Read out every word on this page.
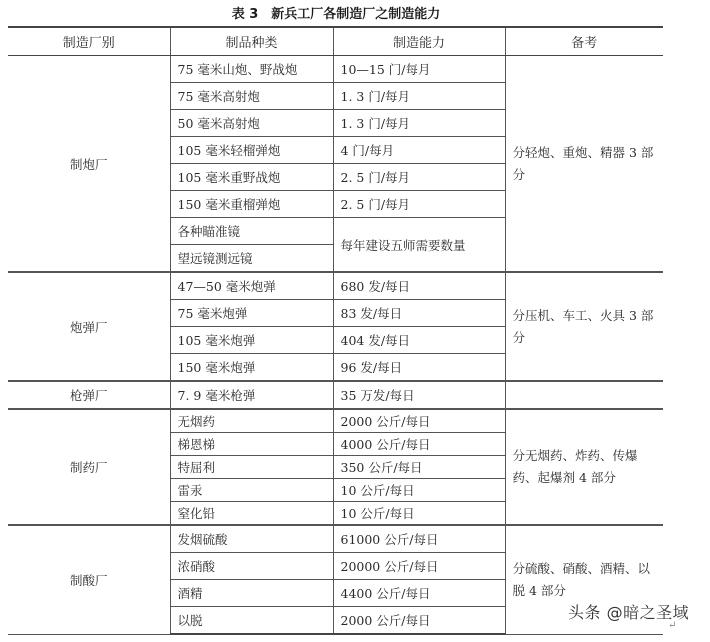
表 3　新兵工厂各制造厂之制造能力
制造厂别	制品种类	制造能力	备考
制炮厂	75 毫米山炮、野战炮	10—15 门/每月	分轻炮、重炮、精器 3 部分
	75 毫米高射炮	1. 3 门/每月	
	50 毫米高射炮	1. 3 门/每月	
	105 毫米轻榴弹炮	4 门/每月	
	105 毫米重野战炮	2. 5 门/每月	
	150 毫米重榴弹炮	2. 5 门/每月	
	各种瞄准镜	每年建设五师需要数量	
	望远镜测远镜		
炮弹厂	47—50 毫米炮弹	680 发/每日	分压机、车工、火具 3 部分
	75 毫米炮弹	83 发/每日	
	105 毫米炮弹	404 发/每日	
	150 毫米炮弹	96 发/每日	
枪弹厂	7. 9 毫米枪弹	35 万发/每日	
制药厂	无烟药	2000 公斤/每日	分无烟药、炸药、传爆药、起爆剂 4 部分
	梯恩梯	4000 公斤/每日	
	特屈利	350 公斤/每日	
	雷汞	10 公斤/每日	
	窒化铅	10 公斤/每日	
制酸厂	发烟硫酸	61000 公斤/每日	分硫酸、硝酸、酒精、以脱 4 部分
	浓硝酸	20000 公斤/每日	
	酒精	4400 公斤/每日	
	以脱	2000 公斤/每日		头条 @暗之圣域
↵
